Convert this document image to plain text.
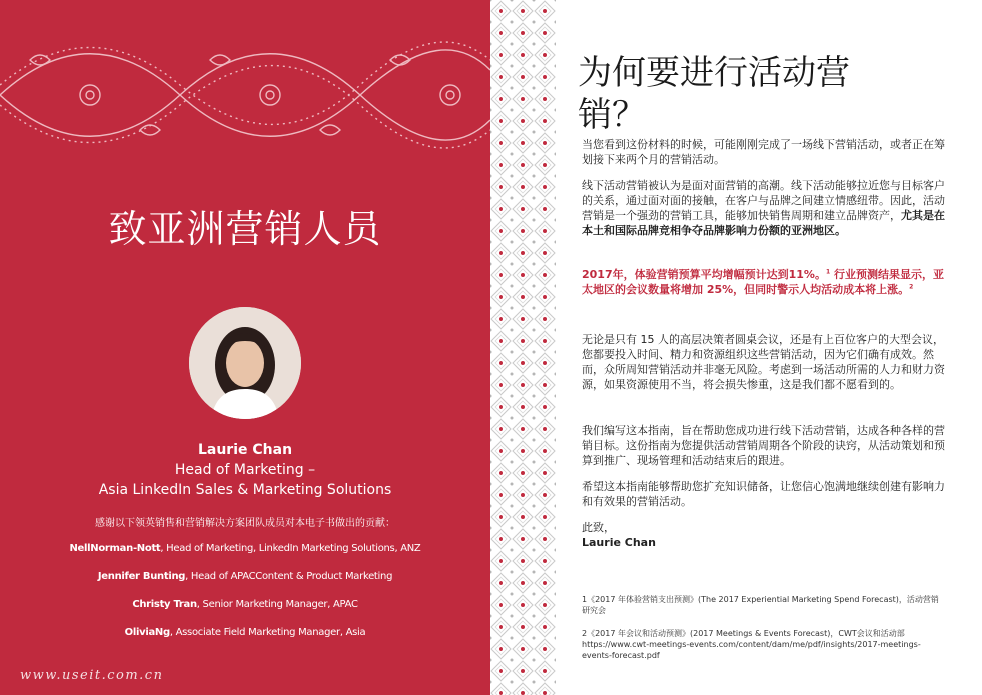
致亚洲营销人员
Laurie Chan
Head of Marketing –
Asia LinkedIn Sales & Marketing Solutions
感谢以下领英销售和营销解决方案团队成员对本电子书做出的贡献：
NellNorman-Nott, Head of Marketing, LinkedIn Marketing Solutions, ANZ
Jennifer Bunting, Head of APACContent & Product Marketing
Christy Tran, Senior Marketing Manager, APAC
OliviaNg, Associate Field Marketing Manager, Asia
www.useit.com.cn
为何要进行活动营
销？

当您看到这份材料的时候，可能刚刚完成了一场线下营销活动，或者正在筹划接下来两个月的营销活动。

线下活动营销被认为是面对面营销的高潮。线下活动能够拉近您与目标客户的关系，通过面对面的接触，在客户与品牌之间建立情感纽带。因此，活动营销是一个强劲的营销工具，能够加快销售周期和建立品牌资产，尤其是在本土和国际品牌竞相争夺品牌影响力份额的亚洲地区。

2017年，体验营销预算平均增幅预计达到11%。$^1$ 行业预测结果显示，亚太地区的会议数量将增加 25%，但同时警示人均活动成本将上涨。$^2$

无论是只有 15 人的高层决策者圆桌会议，还是有上百位客户的大型会议，您都要投入时间、精力和资源组织这些营销活动，因为它们确有成效。然而，众所周知营销活动并非毫无风险。考虑到一场活动所需的人力和财力资源，如果资源使用不当，将会损失惨重，这是我们都不愿看到的。

我们编写这本指南，旨在帮助您成功进行线下活动营销，达成各种各样的营销目标。这份指南为您提供活动营销周期各个阶段的诀窍，从活动策划和预算到推广、现场管理和活动结束后的跟进。

希望这本指南能够帮助您扩充知识储备，让您信心饱满地继续创建有影响力和有效果的营销活动。

此致，
Laurie Chan

1《2017 年体验营销支出预测》(The 2017 Experiential Marketing Spend Forecast)，活动营销研究会

2《2017 年会议和活动预测》(2017 Meetings & Events Forecast)，CWT会议和活动部 https://www.cwt-meetings-events.com/content/dam/me/pdf/insights/2017-meetings-events-forecast.pdf
